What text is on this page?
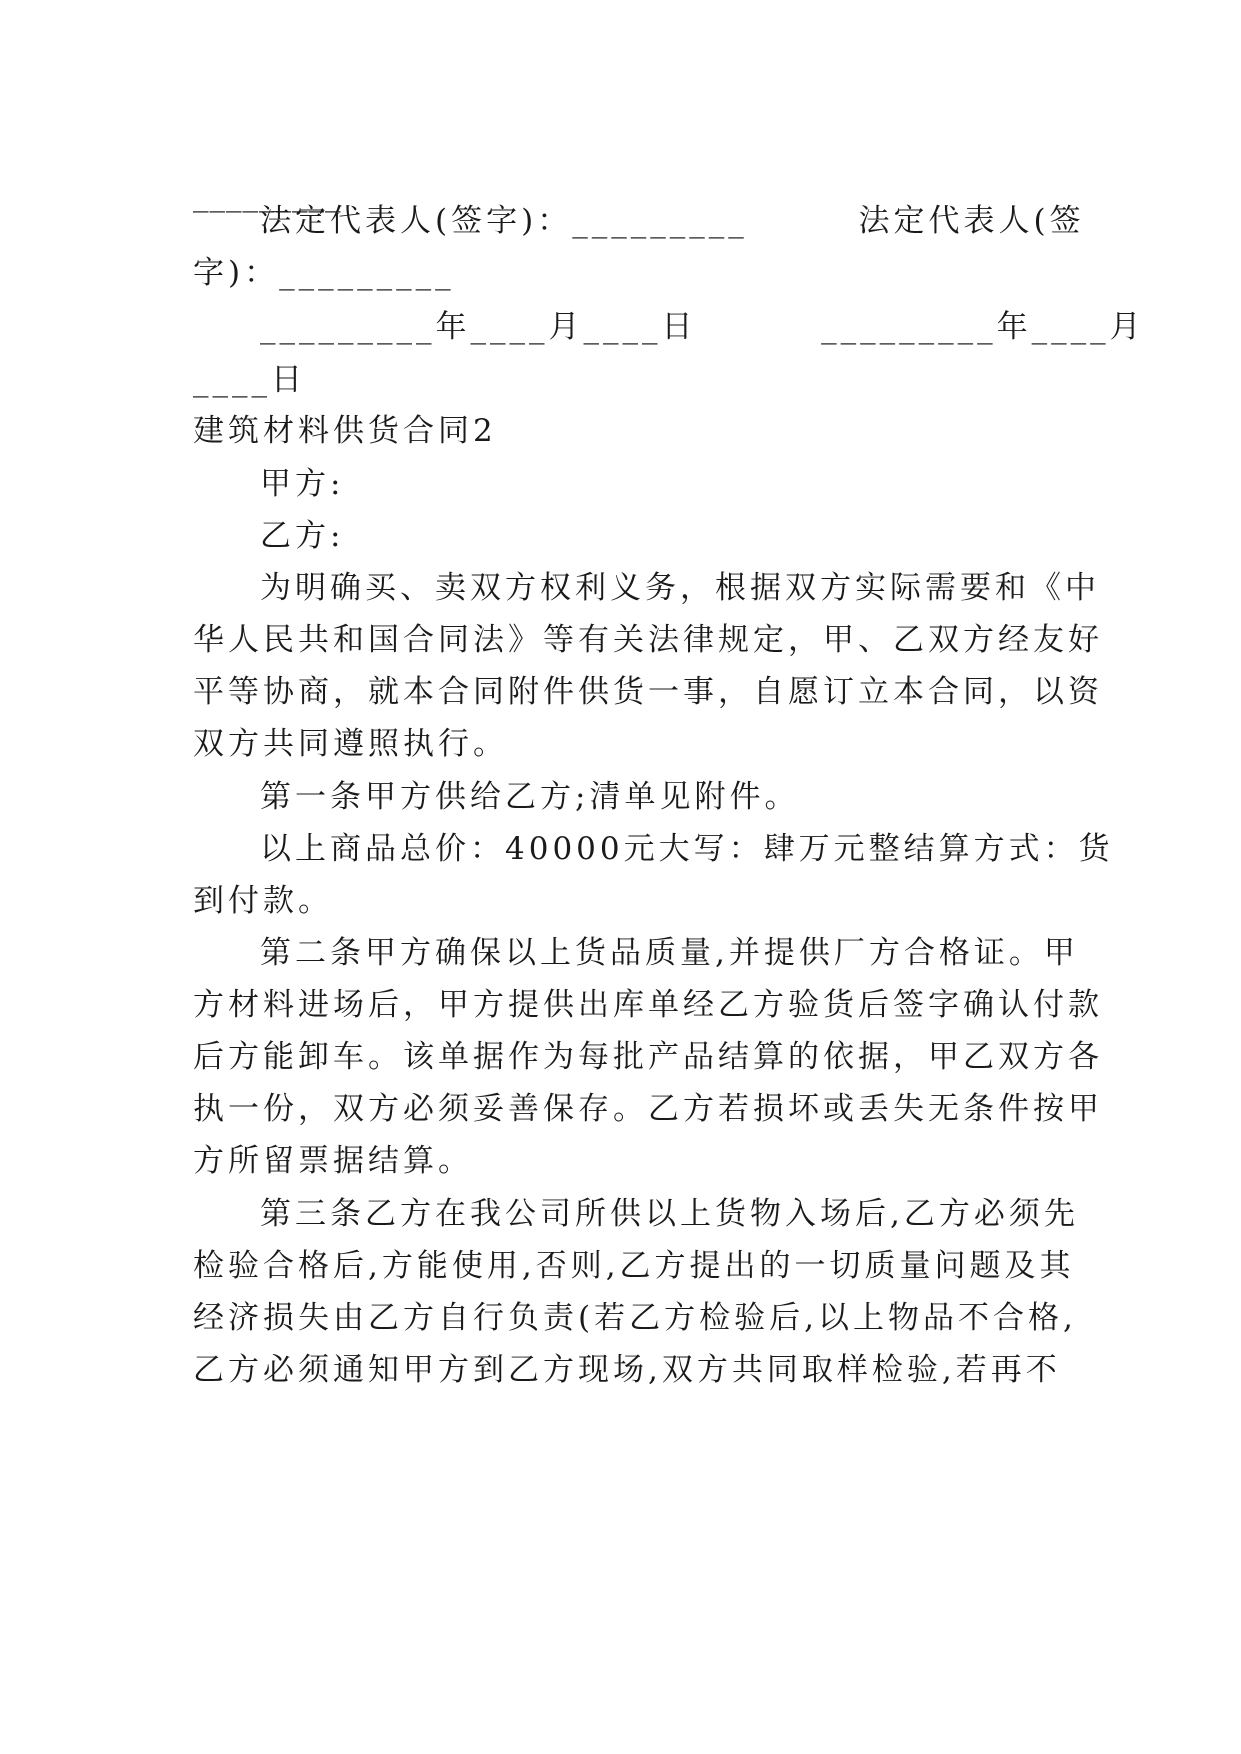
_________
法定代表人(签字)：_________        法定代表人(签
字)：_________
_________年____月____日         _________年____月
____日
建筑材料供货合同2
甲方:
乙方:
为明确买、卖双方权利义务，根据双方实际需要和《中
华人民共和国合同法》等有关法律规定，甲、乙双方经友好
平等协商，就本合同附件供货一事，自愿订立本合同，以资
双方共同遵照执行。
第一条甲方供给乙方;清单见附件。
以上商品总价：40000元大写：肆万元整结算方式：货
到付款。
第二条甲方确保以上货品质量,并提供厂方合格证。甲
方材料进场后，甲方提供出库单经乙方验货后签字确认付款
后方能卸车。该单据作为每批产品结算的依据，甲乙双方各
执一份，双方必须妥善保存。乙方若损坏或丢失无条件按甲
方所留票据结算。
第三条乙方在我公司所供以上货物入场后,乙方必须先
检验合格后,方能使用,否则,乙方提出的一切质量问题及其
经济损失由乙方自行负责(若乙方检验后,以上物品不合格,
乙方必须通知甲方到乙方现场,双方共同取样检验,若再不
